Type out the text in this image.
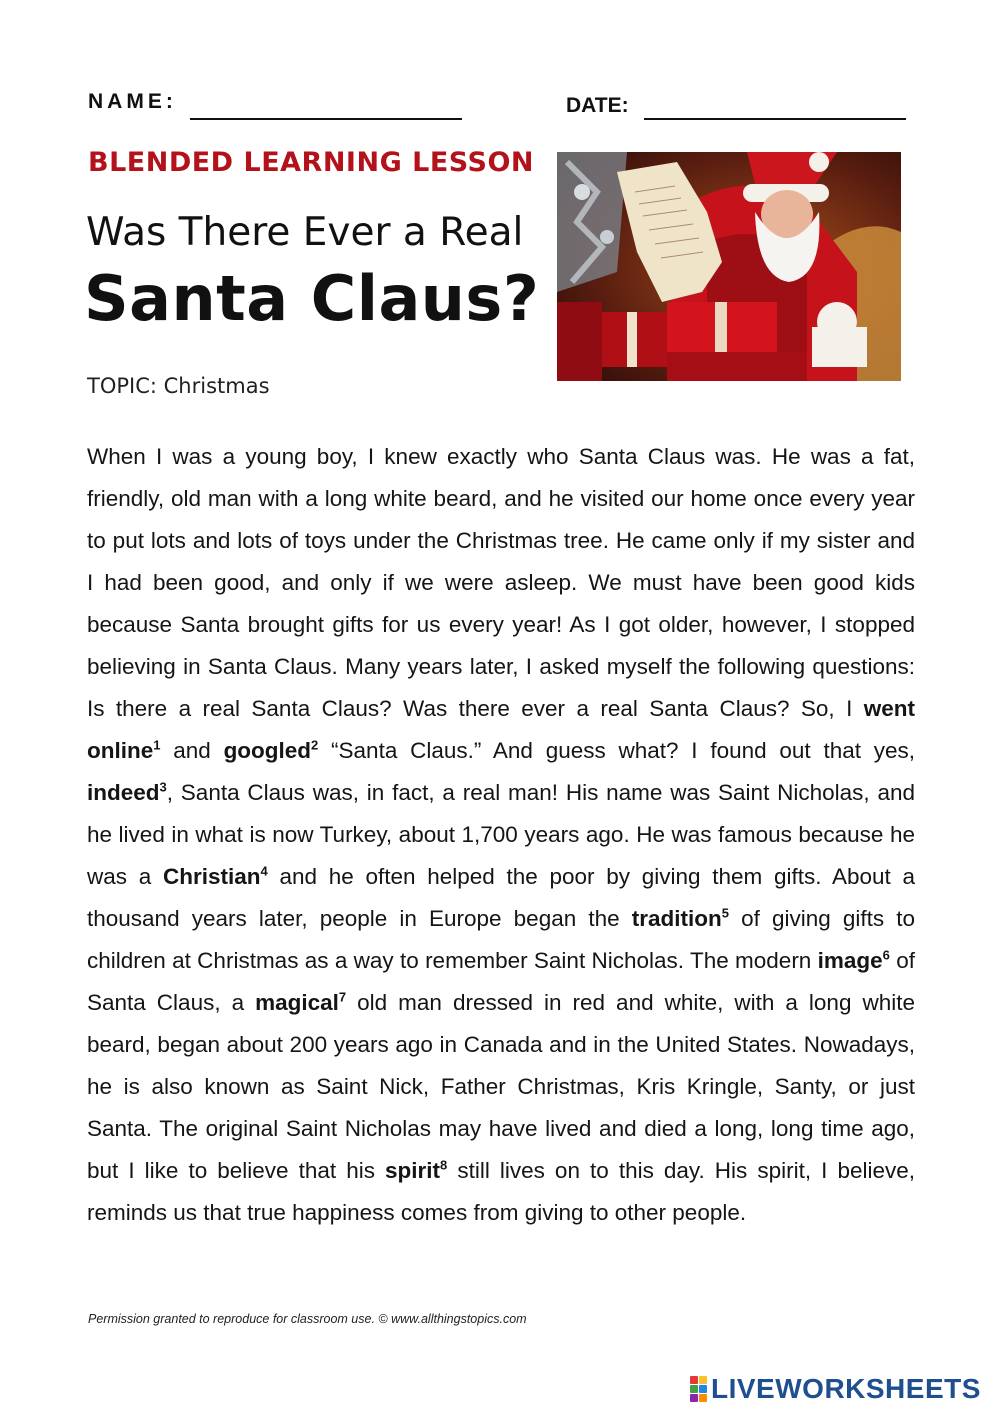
NAME:	DATE:
BLENDED LEARNING LESSON
Was There Ever a Real
Santa Claus?
TOPIC: Christmas

When I was a young boy, I knew exactly who Santa Claus was. He was a fat, friendly, old man with a long white beard, and he visited our home once every year to put lots and lots of toys under the Christmas tree. He came only if my sister and I had been good, and only if we were asleep. We must have been good kids because Santa brought gifts for us every year! As I got older, however, I stopped believing in Santa Claus. Many years later, I asked myself the following questions: Is there a real Santa Claus? Was there ever a real Santa Claus? So, I went online$^1$ and googled$^2$ “Santa Claus.” And guess what? I found out that yes, indeed$^3$, Santa Claus was, in fact, a real man! His name was Saint Nicholas, and he lived in what is now Turkey, about 1,700 years ago. He was famous because he was a Christian$^4$ and he often helped the poor by giving them gifts. About a thousand years later, people in Europe began the tradition$^5$ of giving gifts to children at Christmas as a way to remember Saint Nicholas. The modern image$^6$ of Santa Claus, a magical$^7$ old man dressed in red and white, with a long white beard, began about 200 years ago in Canada and in the United States. Nowadays, he is also known as Saint Nick, Father Christmas, Kris Kringle, Santy, or just Santa. The original Saint Nicholas may have lived and died a long, long time ago, but I like to believe that his spirit$^8$ still lives on to this day. His spirit, I believe, reminds us that true happiness comes from giving to other people.

Permission granted to reproduce for classroom use. © www.allthingstopics.com
LIVEWORKSHEETS
